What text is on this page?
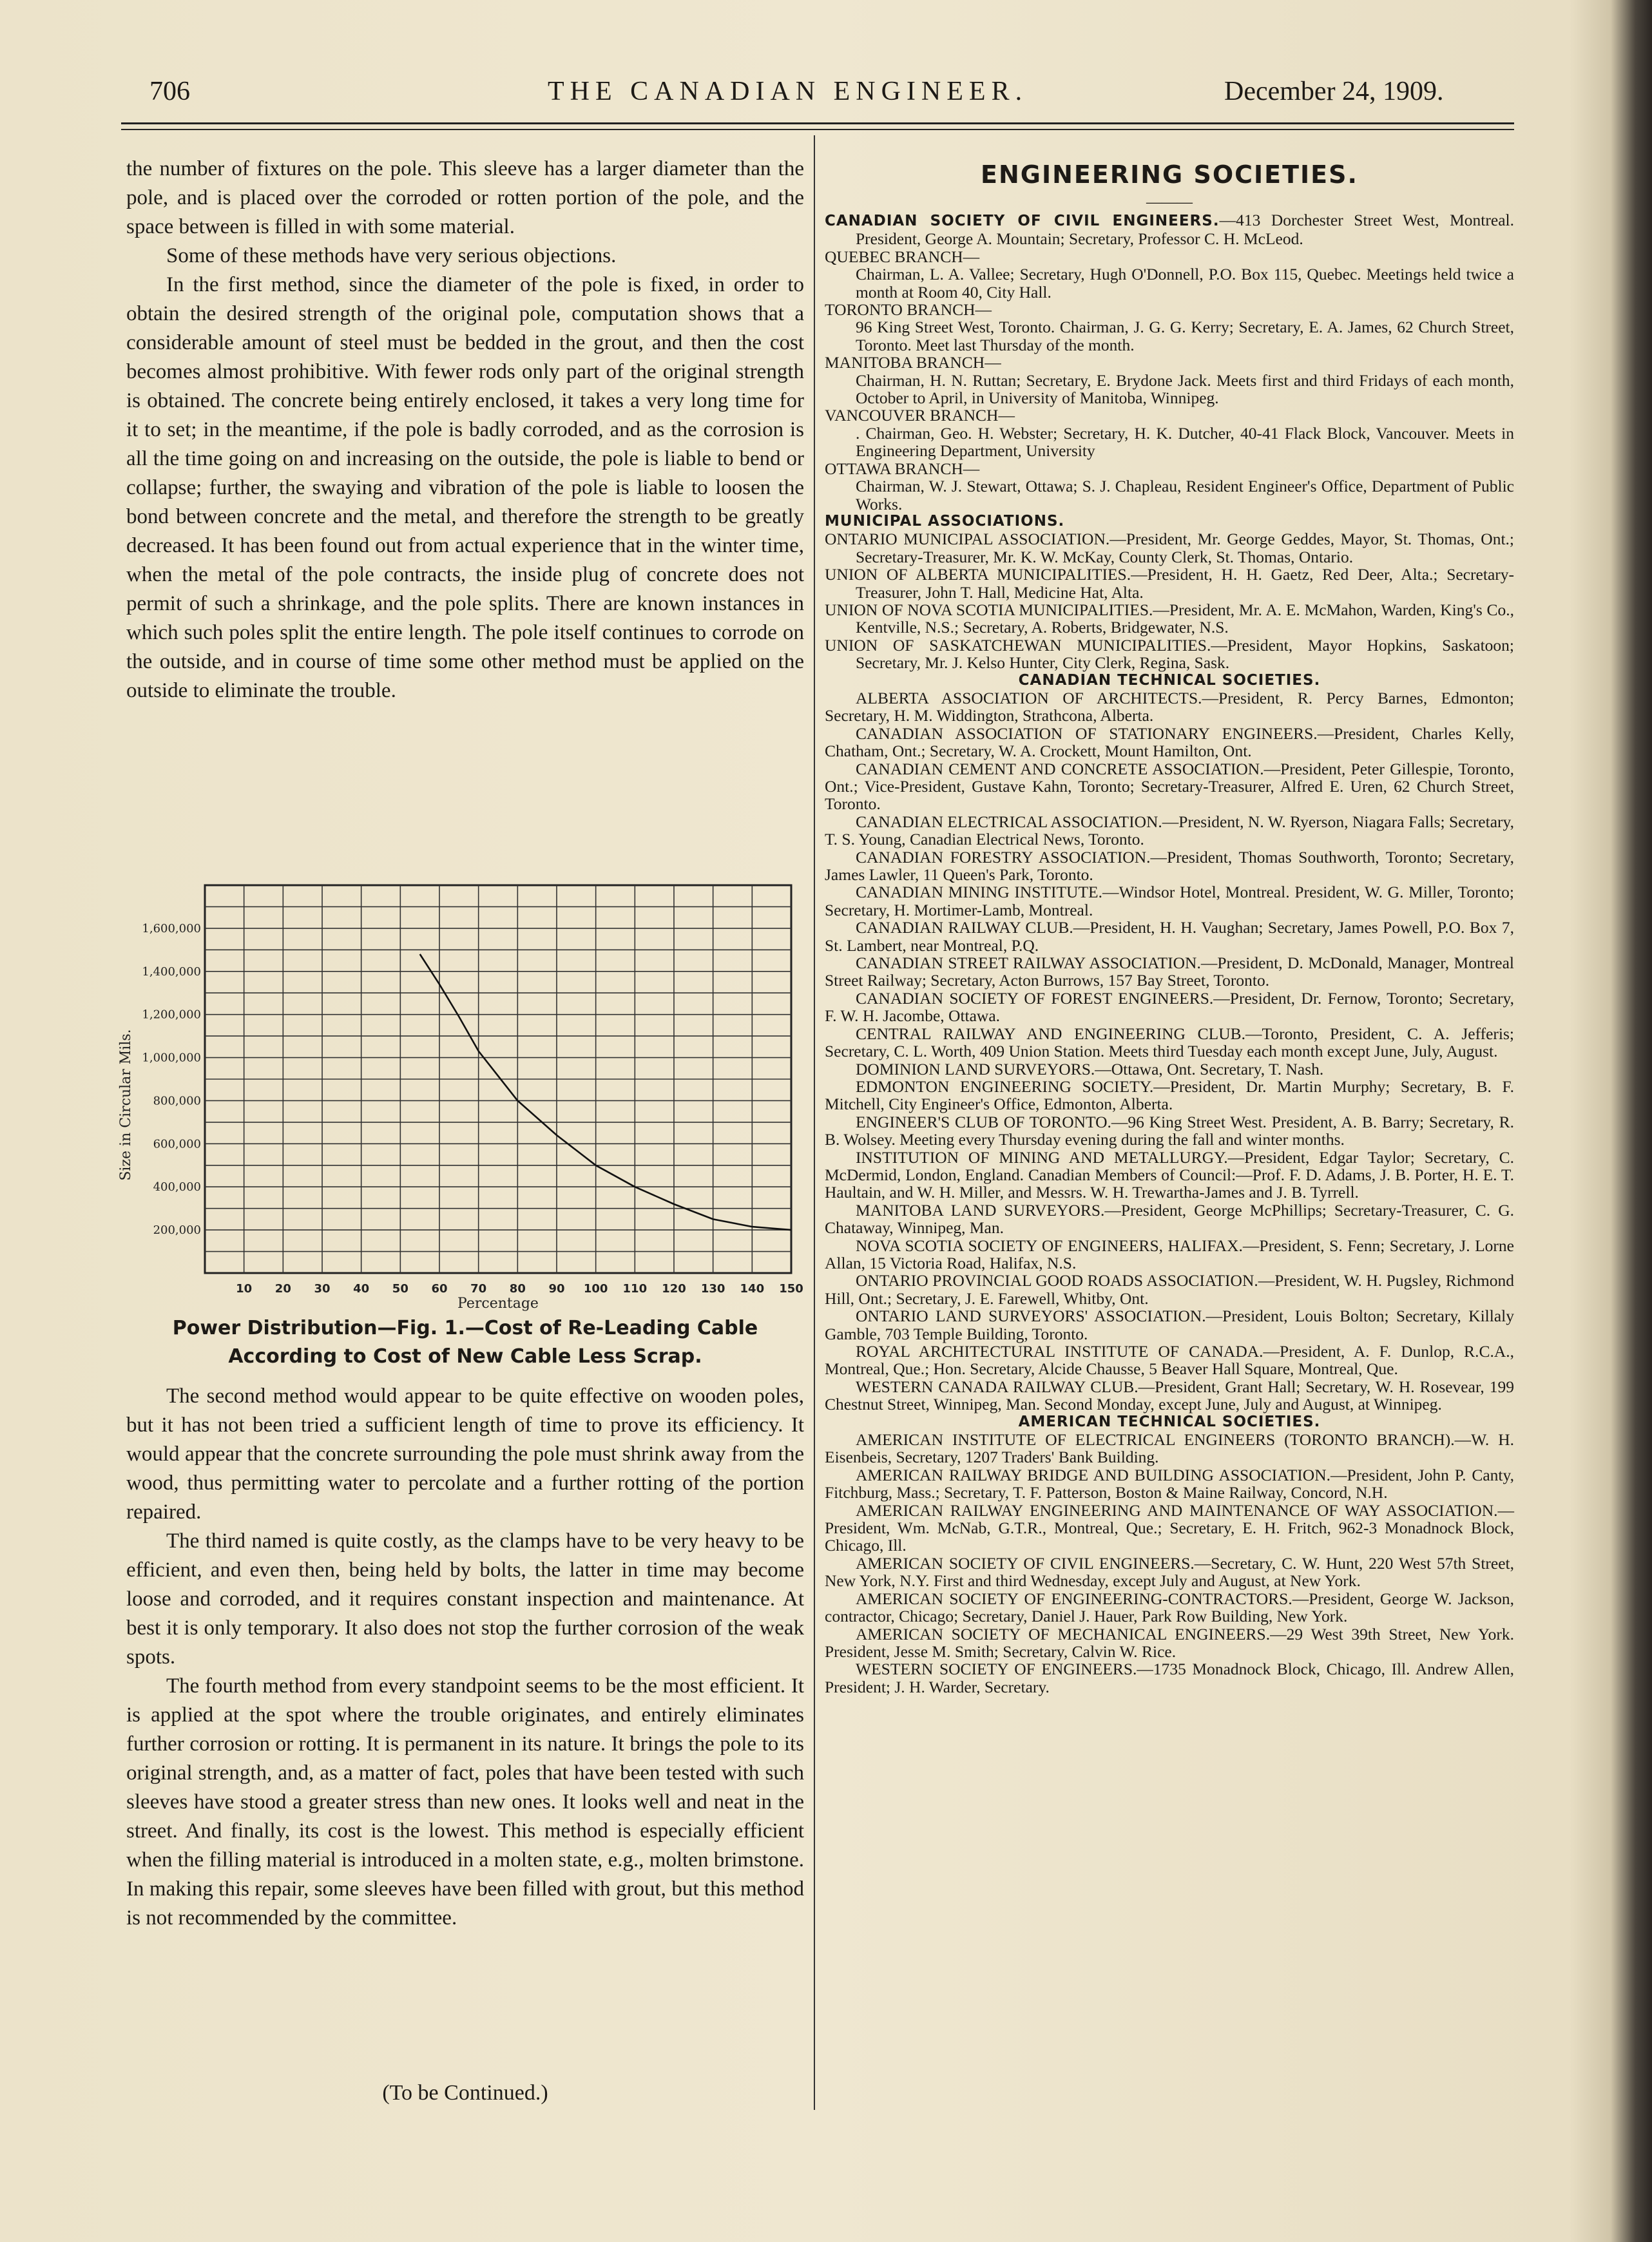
706	THE CANADIAN ENGINEER.	December 24, 1909.

the number of fixtures on the pole. This sleeve has a larger diameter than the pole, and is placed over the corroded or rotten portion of the pole, and the space between is filled in with some material.

Some of these methods have very serious objections.

In the first method, since the diameter of the pole is fixed, in order to obtain the desired strength of the original pole, computation shows that a considerable amount of steel must be bedded in the grout, and then the cost becomes almost prohibitive. With fewer rods only part of the original strength is obtained. The concrete being entirely enclosed, it takes a very long time for it to set; in the meantime, if the pole is badly corroded, and as the corrosion is all the time going on and increasing on the outside, the pole is liable to bend or collapse; further, the swaying and vibration of the pole is liable to loosen the bond between concrete and the metal, and therefore the strength to be greatly decreased. It has been found out from actual experience that in the winter time, when the metal of the pole contracts, the inside plug of concrete does not permit of such a shrinkage, and the pole splits. There are known instances in which such poles split the entire length. The pole itself continues to corrode on the outside, and in course of time some other method must be applied on the outside to eliminate the trouble.

10 20 30 40 50 60 70 80 90 100 110 120 130 140 150
200,000
400,000
600,000
800,000
1,000,000
1,200,000
1,400,000
1,600,000
Percentage
Size in Circular Mils.
Power Distribution—Fig. 1.—Cost of Re-Leading Cable
According to Cost of New Cable Less Scrap.

The second method would appear to be quite effective on wooden poles, but it has not been tried a sufficient length of time to prove its efficiency. It would appear that the concrete surrounding the pole must shrink away from the wood, thus permitting water to percolate and a further rotting of the portion repaired.

The third named is quite costly, as the clamps have to be very heavy to be efficient, and even then, being held by bolts, the latter in time may become loose and corroded, and it requires constant inspection and maintenance. At best it is only temporary. It also does not stop the further corrosion of the weak spots.

The fourth method from every standpoint seems to be the most efficient. It is applied at the spot where the trouble originates, and entirely eliminates further corrosion or rotting. It is permanent in its nature. It brings the pole to its original strength, and, as a matter of fact, poles that have been tested with such sleeves have stood a greater stress than new ones. It looks well and neat in the street. And finally, its cost is the lowest. This method is especially efficient when the filling material is introduced in a molten state, e.g., molten brimstone. In making this repair, some sleeves have been filled with grout, but this method is not recommended by the committee.

(To be Continued.)
ENGINEERING SOCIETIES.
———
CANADIAN SOCIETY OF CIVIL ENGINEERS.—413 Dorchester Street West, Montreal. President, George A. Mountain; Secretary, Professor C. H. McLeod.
QUEBEC BRANCH—
Chairman, L. A. Vallee; Secretary, Hugh O'Donnell, P.O. Box 115, Quebec. Meetings held twice a month at Room 40, City Hall.
TORONTO BRANCH—
96 King Street West, Toronto. Chairman, J. G. G. Kerry; Secretary, E. A. James, 62 Church Street, Toronto. Meet last Thursday of the month.
MANITOBA BRANCH—
Chairman, H. N. Ruttan; Secretary, E. Brydone Jack. Meets first and third Fridays of each month, October to April, in University of Manitoba, Winnipeg.
VANCOUVER BRANCH—
. Chairman, Geo. H. Webster; Secretary, H. K. Dutcher, 40-41 Flack Block, Vancouver. Meets in Engineering Department, University
OTTAWA BRANCH—
Chairman, W. J. Stewart, Ottawa; S. J. Chapleau, Resident Engineer's Office, Department of Public Works.
MUNICIPAL ASSOCIATIONS.
ONTARIO MUNICIPAL ASSOCIATION.—President, Mr. George Geddes, Mayor, St. Thomas, Ont.; Secretary-Treasurer, Mr. K. W. McKay, County Clerk, St. Thomas, Ontario.
UNION OF ALBERTA MUNICIPALITIES.—President, H. H. Gaetz, Red Deer, Alta.; Secretary-Treasurer, John T. Hall, Medicine Hat, Alta.
UNION OF NOVA SCOTIA MUNICIPALITIES.—President, Mr. A. E. McMahon, Warden, King's Co., Kentville, N.S.; Secretary, A. Roberts, Bridgewater, N.S.
UNION OF SASKATCHEWAN MUNICIPALITIES.—President, Mayor Hopkins, Saskatoon; Secretary, Mr. J. Kelso Hunter, City Clerk, Regina, Sask.
CANADIAN TECHNICAL SOCIETIES.
ALBERTA ASSOCIATION OF ARCHITECTS.—President, R. Percy Barnes, Edmonton; Secretary, H. M. Widdington, Strathcona, Alberta.
CANADIAN ASSOCIATION OF STATIONARY ENGINEERS.—President, Charles Kelly, Chatham, Ont.; Secretary, W. A. Crockett, Mount Hamilton, Ont.
CANADIAN CEMENT AND CONCRETE ASSOCIATION.—President, Peter Gillespie, Toronto, Ont.; Vice-President, Gustave Kahn, Toronto; Secretary-Treasurer, Alfred E. Uren, 62 Church Street, Toronto.
CANADIAN ELECTRICAL ASSOCIATION.—President, N. W. Ryerson, Niagara Falls; Secretary, T. S. Young, Canadian Electrical News, Toronto.
CANADIAN FORESTRY ASSOCIATION.—President, Thomas Southworth, Toronto; Secretary, James Lawler, 11 Queen's Park, Toronto.
CANADIAN MINING INSTITUTE.—Windsor Hotel, Montreal. President, W. G. Miller, Toronto; Secretary, H. Mortimer-Lamb, Montreal.
CANADIAN RAILWAY CLUB.—President, H. H. Vaughan; Secretary, James Powell, P.O. Box 7, St. Lambert, near Montreal, P.Q.
CANADIAN STREET RAILWAY ASSOCIATION.—President, D. McDonald, Manager, Montreal Street Railway; Secretary, Acton Burrows, 157 Bay Street, Toronto.
CANADIAN SOCIETY OF FOREST ENGINEERS.—President, Dr. Fernow, Toronto; Secretary, F. W. H. Jacombe, Ottawa.
CENTRAL RAILWAY AND ENGINEERING CLUB.—Toronto, President, C. A. Jefferis; Secretary, C. L. Worth, 409 Union Station. Meets third Tuesday each month except June, July, August.
DOMINION LAND SURVEYORS.—Ottawa, Ont. Secretary, T. Nash.
EDMONTON ENGINEERING SOCIETY.—President, Dr. Martin Murphy; Secretary, B. F. Mitchell, City Engineer's Office, Edmonton, Alberta.
ENGINEER'S CLUB OF TORONTO.—96 King Street West. President, A. B. Barry; Secretary, R. B. Wolsey. Meeting every Thursday evening during the fall and winter months.
INSTITUTION OF MINING AND METALLURGY.—President, Edgar Taylor; Secretary, C. McDermid, London, England. Canadian Members of Council:—Prof. F. D. Adams, J. B. Porter, H. E. T. Haultain, and W. H. Miller, and Messrs. W. H. Trewartha-James and J. B. Tyrrell.
MANITOBA LAND SURVEYORS.—President, George McPhillips; Secretary-Treasurer, C. G. Chataway, Winnipeg, Man.
NOVA SCOTIA SOCIETY OF ENGINEERS, HALIFAX.—President, S. Fenn; Secretary, J. Lorne Allan, 15 Victoria Road, Halifax, N.S.
ONTARIO PROVINCIAL GOOD ROADS ASSOCIATION.—President, W. H. Pugsley, Richmond Hill, Ont.; Secretary, J. E. Farewell, Whitby, Ont.
ONTARIO LAND SURVEYORS' ASSOCIATION.—President, Louis Bolton; Secretary, Killaly Gamble, 703 Temple Building, Toronto.
ROYAL ARCHITECTURAL INSTITUTE OF CANADA.—President, A. F. Dunlop, R.C.A., Montreal, Que.; Hon. Secretary, Alcide Chausse, 5 Beaver Hall Square, Montreal, Que.
WESTERN CANADA RAILWAY CLUB.—President, Grant Hall; Secretary, W. H. Rosevear, 199 Chestnut Street, Winnipeg, Man. Second Monday, except June, July and August, at Winnipeg.
AMERICAN TECHNICAL SOCIETIES.
AMERICAN INSTITUTE OF ELECTRICAL ENGINEERS (TORONTO BRANCH).—W. H. Eisenbeis, Secretary, 1207 Traders' Bank Building.
AMERICAN RAILWAY BRIDGE AND BUILDING ASSOCIATION.—President, John P. Canty, Fitchburg, Mass.; Secretary, T. F. Patterson, Boston & Maine Railway, Concord, N.H.
AMERICAN RAILWAY ENGINEERING AND MAINTENANCE OF WAY ASSOCIATION.—President, Wm. McNab, G.T.R., Montreal, Que.; Secretary, E. H. Fritch, 962-3 Monadnock Block, Chicago, Ill.
AMERICAN SOCIETY OF CIVIL ENGINEERS.—Secretary, C. W. Hunt, 220 West 57th Street, New York, N.Y. First and third Wednesday, except July and August, at New York.
AMERICAN SOCIETY OF ENGINEERING-CONTRACTORS.—President, George W. Jackson, contractor, Chicago; Secretary, Daniel J. Hauer, Park Row Building, New York.
AMERICAN SOCIETY OF MECHANICAL ENGINEERS.—29 West 39th Street, New York. President, Jesse M. Smith; Secretary, Calvin W. Rice.
WESTERN SOCIETY OF ENGINEERS.—1735 Monadnock Block, Chicago, Ill. Andrew Allen, President; J. H. Warder, Secretary.
